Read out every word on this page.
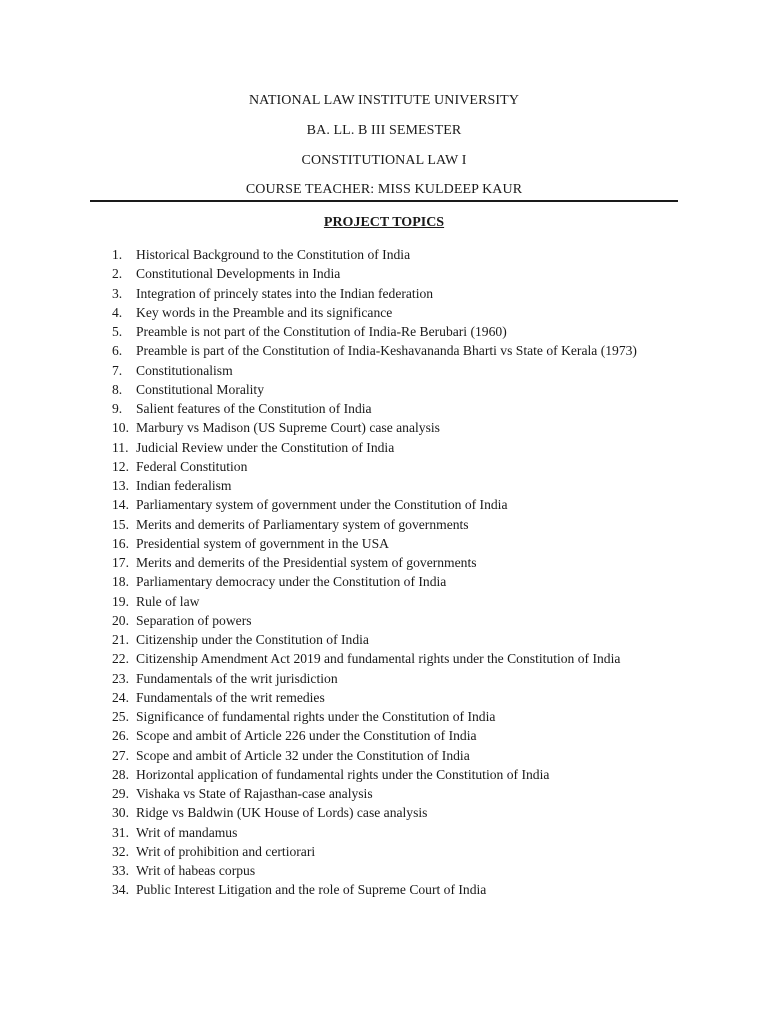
NATIONAL LAW INSTITUTE UNIVERSITY
BA. LL. B III SEMESTER
CONSTITUTIONAL LAW I
COURSE TEACHER: MISS KULDEEP KAUR
PROJECT TOPICS
1.	Historical Background to the Constitution of India
2.	Constitutional Developments in India
3.	Integration of princely states into the Indian federation
4.	Key words in the Preamble and its significance
5.	Preamble is not part of the Constitution of India-Re Berubari (1960)
6.	Preamble is part of the Constitution of India-Keshavananda Bharti vs State of Kerala (1973)
7.	Constitutionalism
8.	Constitutional Morality
9.	Salient features of the Constitution of India
10. Marbury vs Madison (US Supreme Court) case analysis
11. Judicial Review under the Constitution of India
12. Federal Constitution
13. Indian federalism
14. Parliamentary system of government under the Constitution of India
15. Merits and demerits of Parliamentary system of governments
16. Presidential system of government in the USA
17. Merits and demerits of the Presidential system of governments
18. Parliamentary democracy under the Constitution of India
19. Rule of law
20. Separation of powers
21. Citizenship under the Constitution of India
22. Citizenship Amendment Act 2019 and fundamental rights under the Constitution of India
23. Fundamentals of the writ jurisdiction
24. Fundamentals of the writ remedies
25. Significance of fundamental rights under the Constitution of India
26. Scope and ambit of Article 226 under the Constitution of India
27. Scope and ambit of Article 32 under the Constitution of India
28. Horizontal application of fundamental rights under the Constitution of India
29. Vishaka vs State of Rajasthan-case analysis
30. Ridge vs Baldwin (UK House of Lords) case analysis
31. Writ of mandamus
32. Writ of prohibition and certiorari
33. Writ of habeas corpus
34. Public Interest Litigation and the role of Supreme Court of India
